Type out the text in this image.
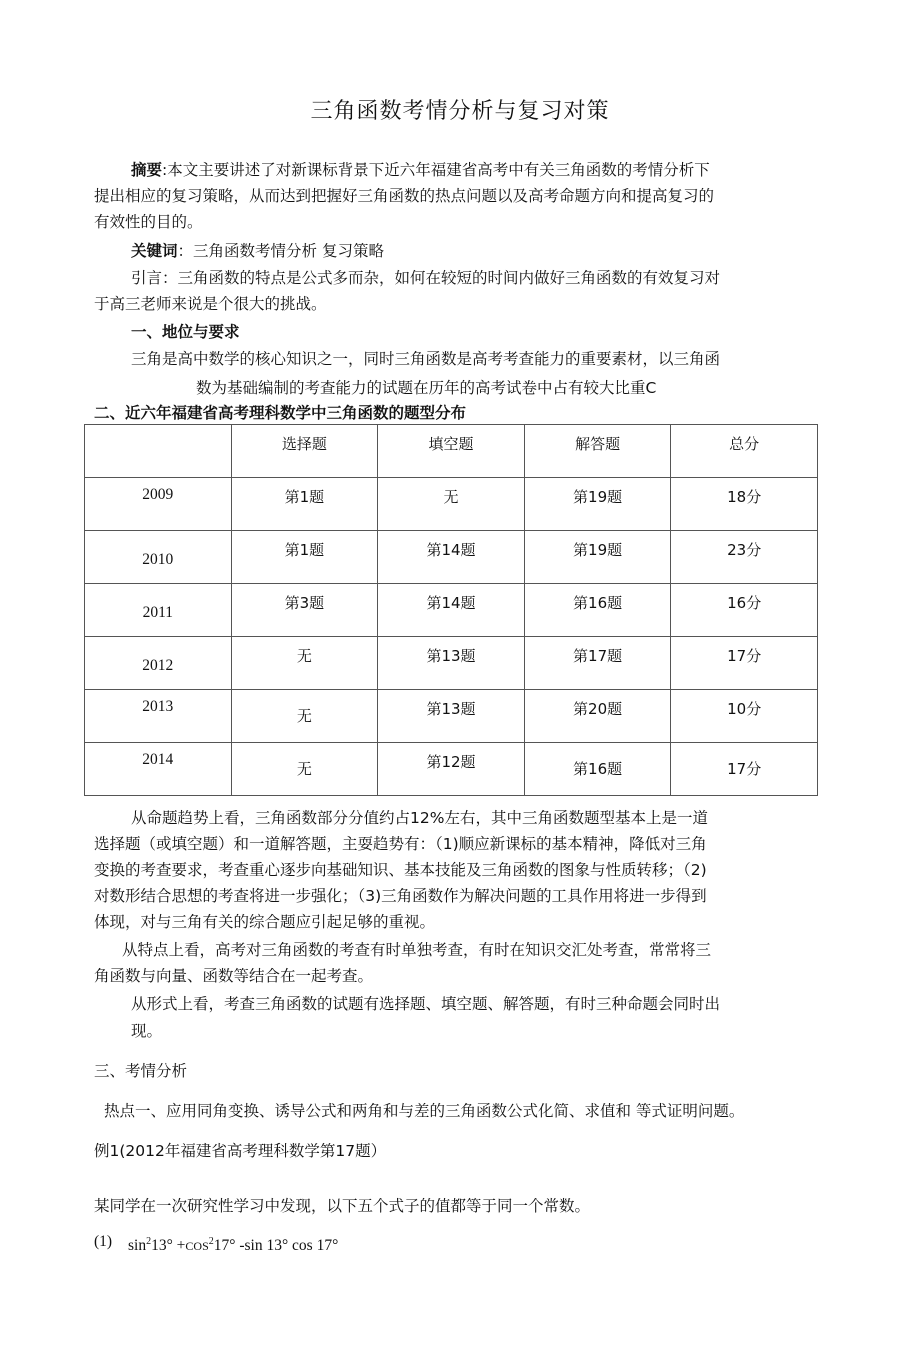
三角函数考情分析与复习对策
摘要:本文主要讲述了对新课标背景下近六年福建省高考中有关三角函数的考情分析下
提出相应的复习策略，从而达到把握好三角函数的热点问题以及高考命题方向和提高复习的
有效性的目的。
关键词：三角函数考情分析 复习策略
引言：三角函数的特点是公式多而杂，如何在较短的时间内做好三角函数的有效复习对
于高三老师来说是个很大的挑战。
一、地位与要求
三角是高中数学的核心知识之一，同时三角函数是高考考查能力的重要素材，以三角函
数为基础编制的考查能力的试题在历年的高考试卷中占有较大比重C
二、近六年福建省高考理科数学中三角函数的题型分布

	选择题	填空题	解答题	总分

2009	第1题	无	第19题	18分

2010	第1题	第14题	第19题	23分

2011	第3题	第14题	第16题	16分

2012	无	第13题	第17题	17分

2013	无	第13题	第20题	10分

2014	无	第12题	第16题	17分
从命题趋势上看，三角函数部分分值约占12%左右，其中三角函数题型基本上是一道
选择题（或填空题）和一道解答题，主耍趋势有：（1)顺应新课标的基本精神，降低对三角
变换的考查要求，考查重心逐步向基础知识、基本技能及三角函数的图象与性质转移；（2)
对数形结合思想的考查将进一步强化；（3)三角函数作为解决问题的工具作用将进一步得到
体现，对与三角有关的综合题应引起足够的重视。
从特点上看，高考对三角函数的考查有时单独考查，有时在知识交汇处考查，常常将三
角函数与向量、函数等结合在一起考查。
从形式上看，考查三角函数的试题有选择题、填空题、解答题，有时三种命题会同时出
现。
三、考情分析
热点一、应用同角变换、诱导公式和两角和与差的三角函数公式化简、求值和 等式证明问题。
例1(2012年福建省高考理科数学第17题）
某同学在一次研究性学习中发现，以下五个式子的值都等于同一个常数。
(1) $\sin^213^\circ +COS^217^\circ$ -sin 13° cos 17°
